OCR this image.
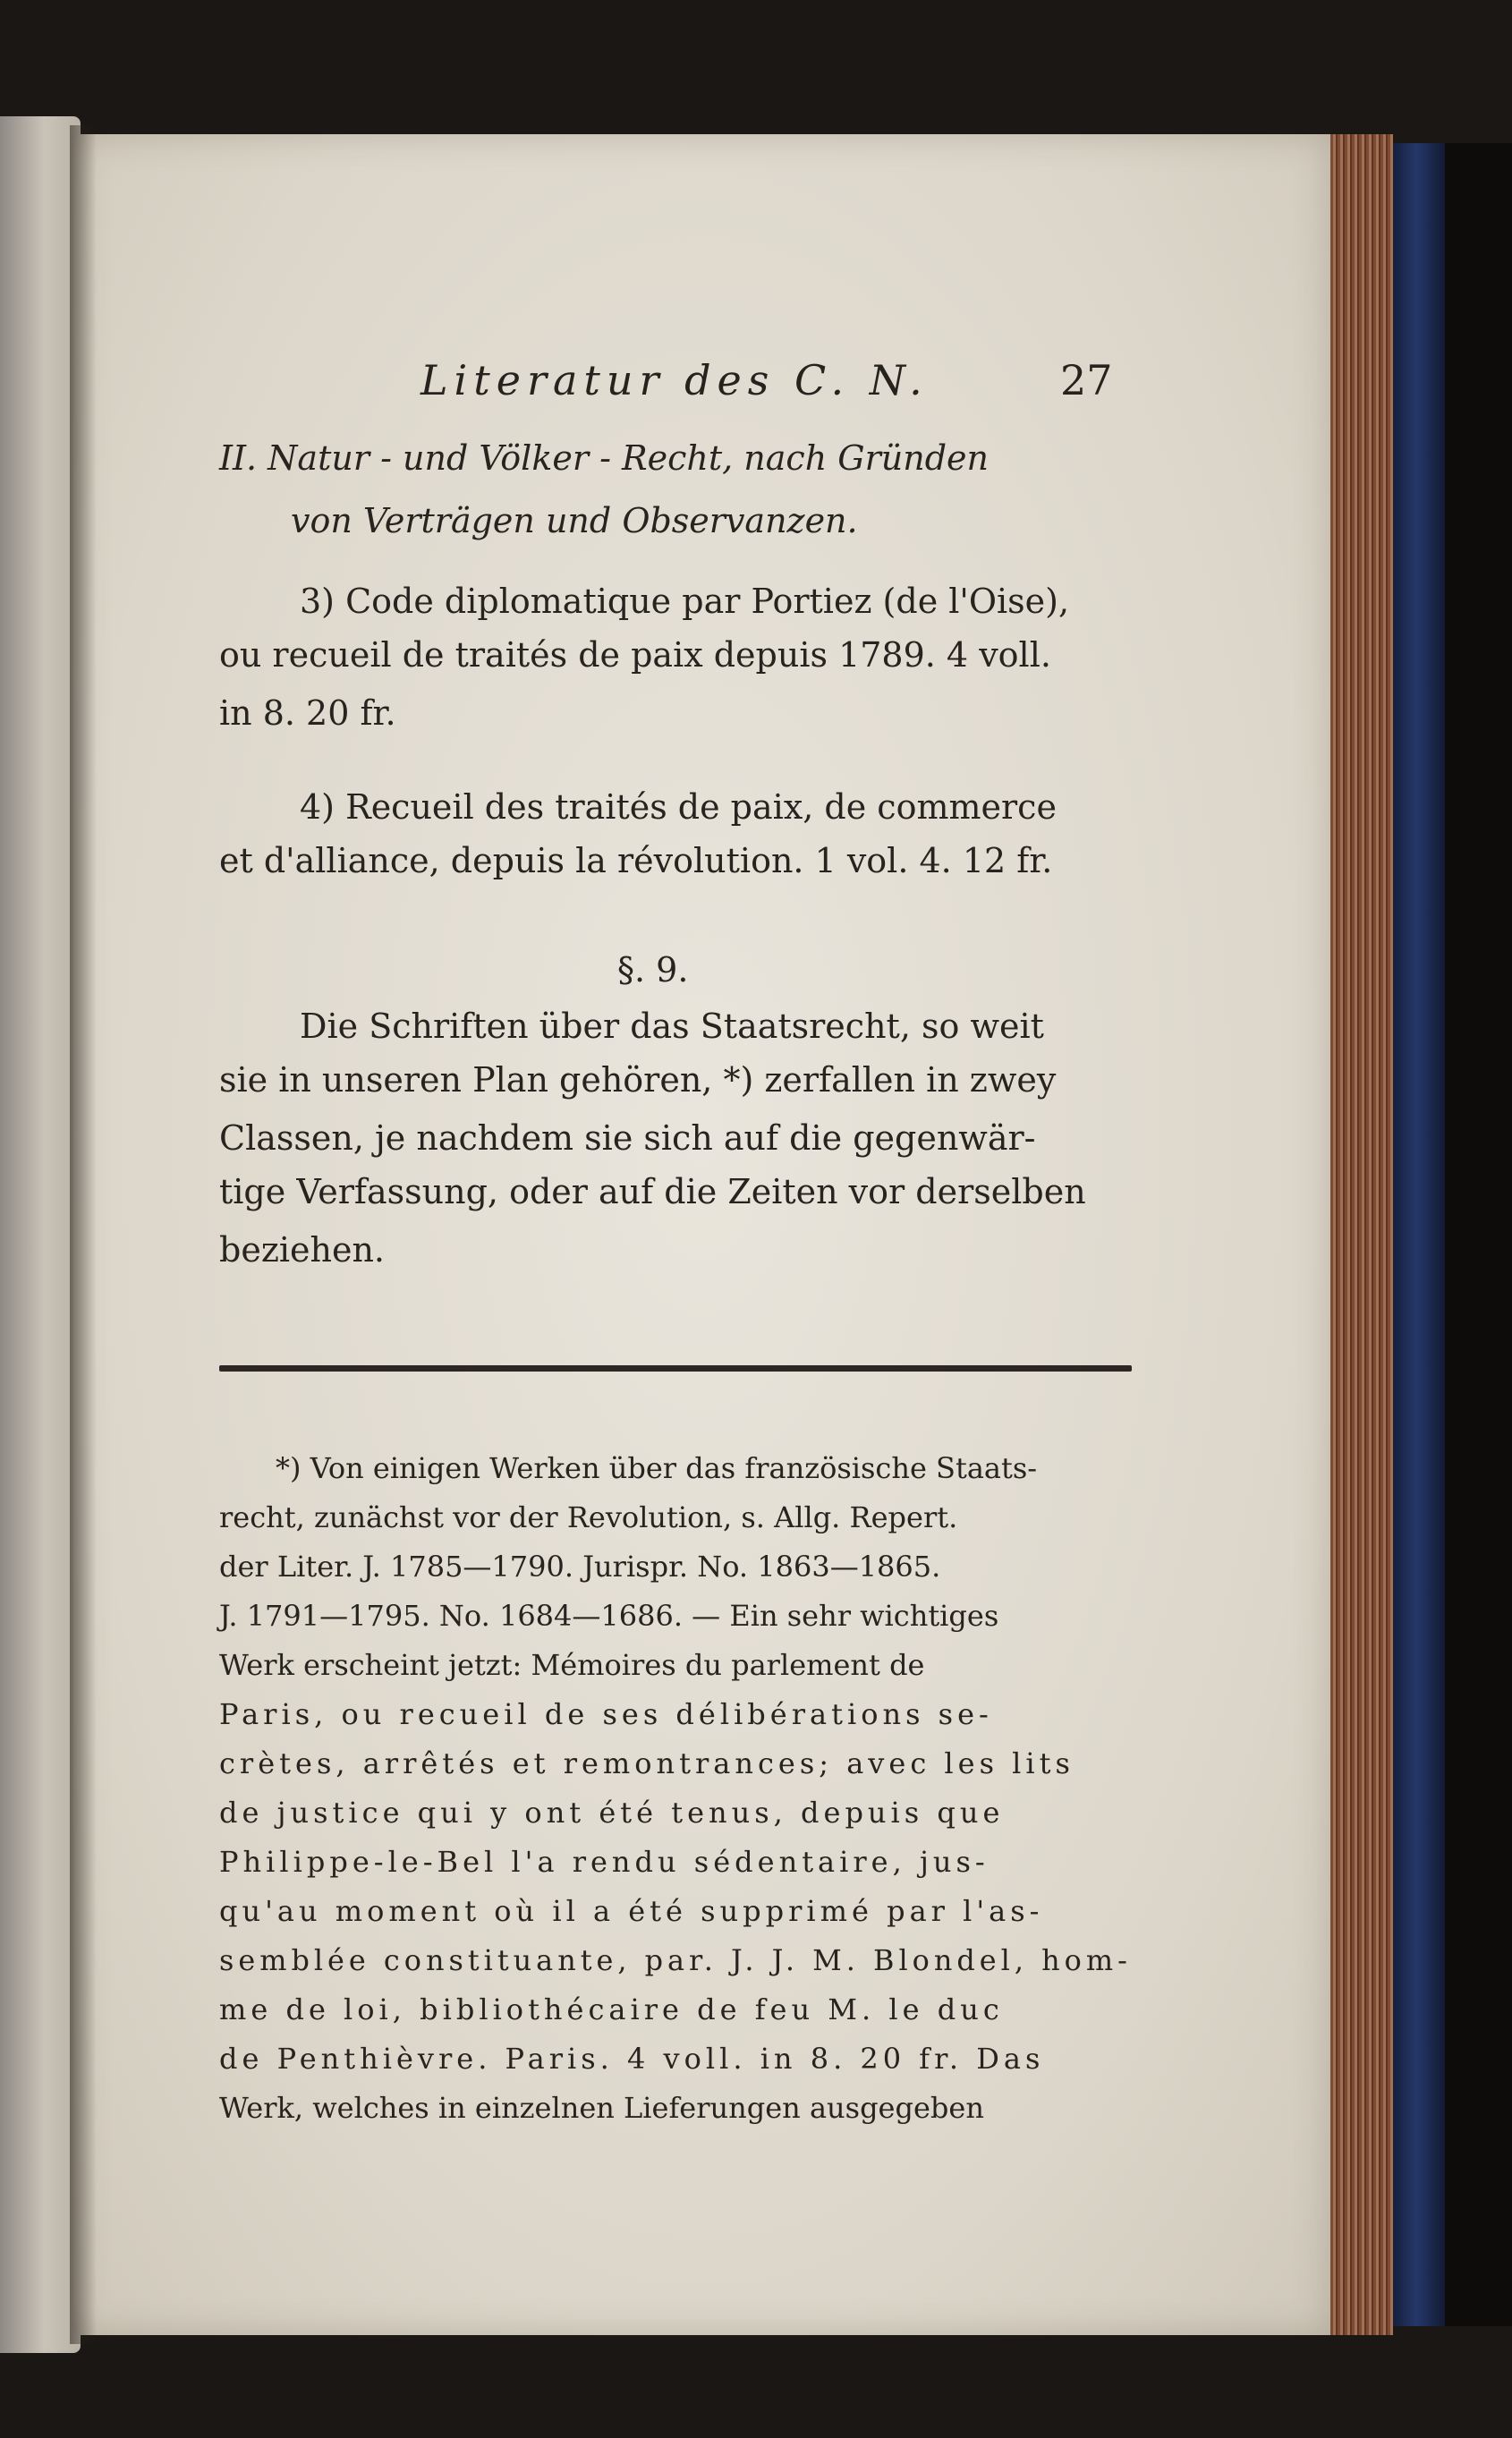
Literatur des C. N.	27
II. Natur - und Völker - Recht, nach Gründen
von Verträgen und Observanzen.
3) Code diplomatique par Portiez (de l'Oise),
ou recueil de traités de paix depuis 1789. 4 voll.
in 8. 20 fr.
4) Recueil des traités de paix, de commerce
et d'alliance, depuis la révolution. 1 vol. 4. 12 fr.
Die Schriften über das Staatsrecht, so weit
sie in unseren Plan gehören, *) zerfallen in zwey
Classen, je nachdem sie sich auf die gegenwär-
tige Verfassung, oder auf die Zeiten vor derselben
beziehen.
§. 9.
*) Von einigen Werken über das französische Staats-
recht, zunächst vor der Revolution, s. Allg. Repert.
der Liter. J. 1785—1790. Jurispr. No. 1863—1865.
J. 1791—1795. No. 1684—1686. — Ein sehr wichtiges
Werk erscheint jetzt: Mémoires du parlement de
Paris, ou recueil de ses délibérations se-
crètes, arrêtés et remontrances; avec les lits
de justice qui y ont été tenus, depuis que
Philippe-le-Bel l'a rendu sédentaire, jus-
qu'au moment où il a été supprimé par l'as-
semblée constituante, par. J. J. M. Blondel, hom-
me de loi, bibliothécaire de feu M. le duc
de Penthièvre. Paris. 4 voll. in 8. 20 fr. Das
Werk, welches in einzelnen Lieferungen ausgegeben
